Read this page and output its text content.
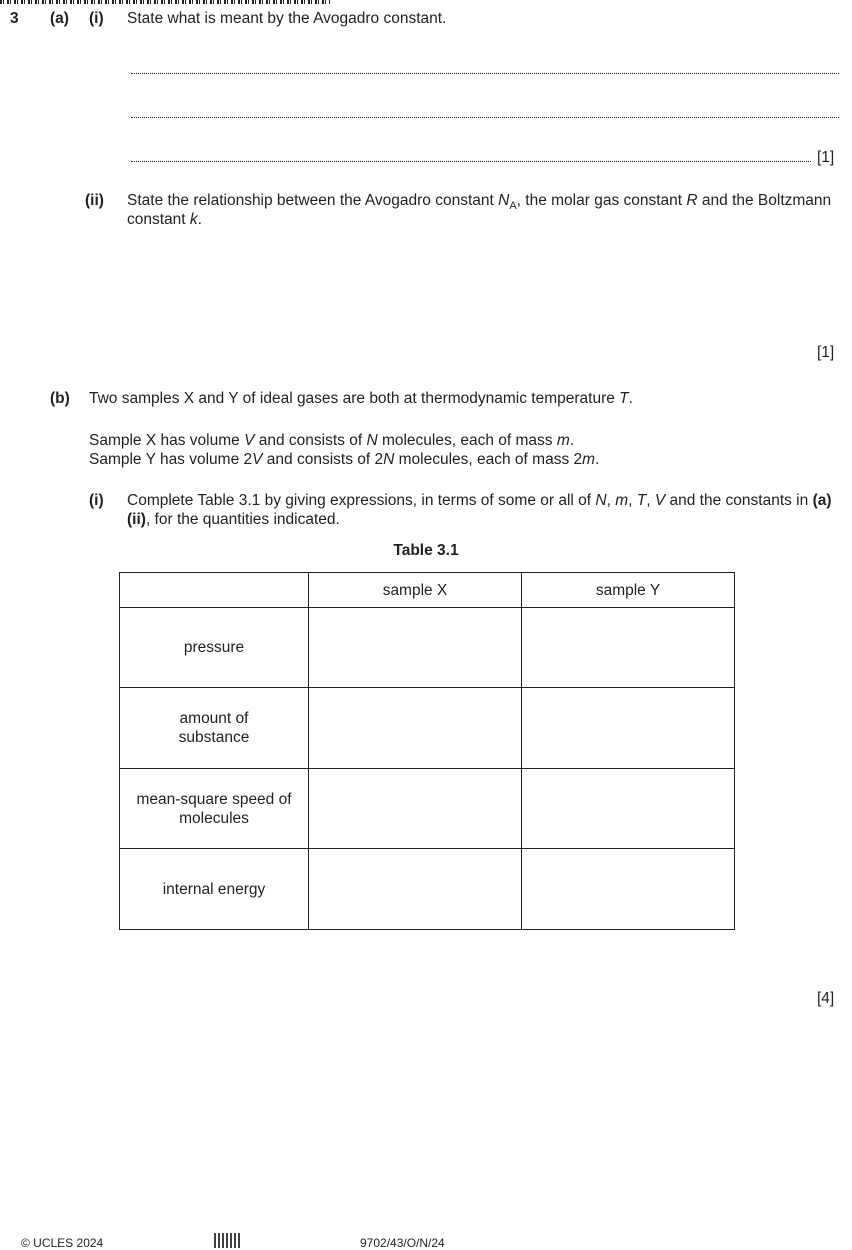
3 (a) (i) State what is meant by the Avogadro constant.
[1]
(ii) State the relationship between the Avogadro constant $N_A$, the molar gas constant R and the Boltzmann constant k.
[1]
(b) Two samples X and Y of ideal gases are both at thermodynamic temperature T.
Sample X has volume V and consists of N molecules, each of mass m.
Sample Y has volume 2V and consists of 2N molecules, each of mass 2m.
(i) Complete Table 3.1 by giving expressions, in terms of some or all of N, m, T, V and the constants in (a)(ii), for the quantities indicated.
Table 3.1
	sample X	sample Y
pressure		
amount of substance		
mean-square speed of molecules		
internal energy		
[4]
© UCLES 2024	9702/43/O/N/24
